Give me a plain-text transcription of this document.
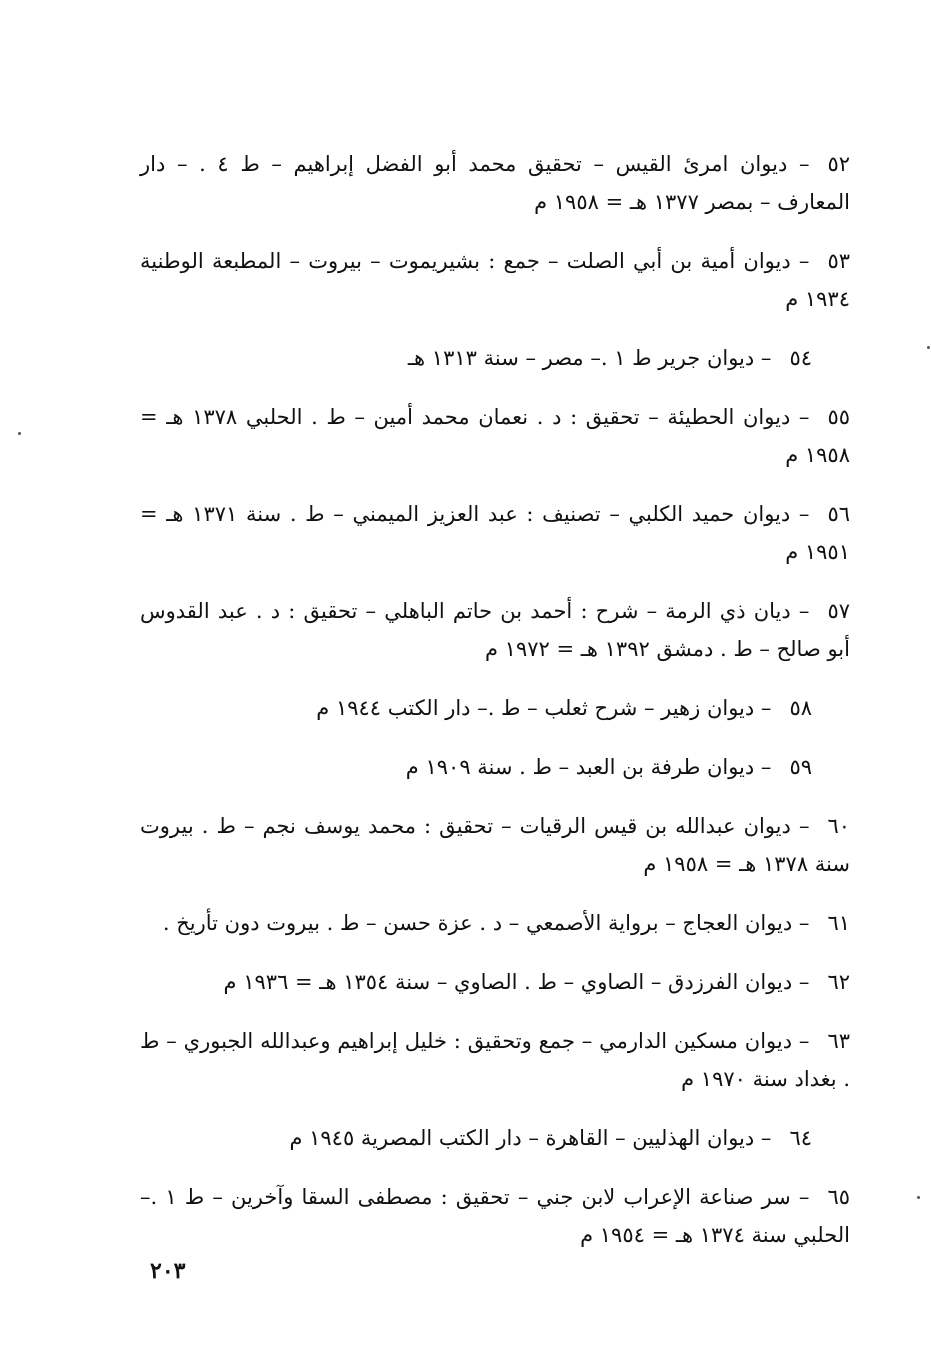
٥٢– ديوان امرئ القيس – تحقيق محمد أبو الفضل إبراهيم – ط ٤ . – دار المعارف – بمصر ١٣٧٧ هـ = ١٩٥٨ م

٥٣– ديوان أمية بن أبي الصلت – جمع : بشيريموت – بيروت – المطبعة الوطنية ١٩٣٤ م

٥٤– ديوان جرير ط ١ .– مصر – سنة ١٣١٣ هـ

٥٥– ديوان الحطيئة – تحقيق : د . نعمان محمد أمين – ط . الحلبي ١٣٧٨ هـ = ١٩٥٨ م

٥٦– ديوان حميد الكلبي – تصنيف : عبد العزيز الميمني – ط . سنة ١٣٧١ هـ = ١٩٥١ م

٥٧– ديان ذي الرمة – شرح : أحمد بن حاتم الباهلي – تحقيق : د . عبد القدوس أبو صالح – ط . دمشق ١٣٩٢ هـ = ١٩٧٢ م

٥٨– ديوان زهير – شرح ثعلب – ط .– دار الكتب ١٩٤٤ م

٥٩– ديوان طرفة بن العبد – ط . سنة ١٩٠٩ م

٦٠– ديوان عبدالله بن قيس الرقيات – تحقيق : محمد يوسف نجم – ط . بيروت سنة ١٣٧٨ هـ = ١٩٥٨ م

٦١– ديوان العجاج – برواية الأصمعي – د . عزة حسن – ط . بيروت دون تأريخ .

٦٢– ديوان الفرزدق – الصاوي – ط . الصاوي – سنة ١٣٥٤ هـ = ١٩٣٦ م

٦٣– ديوان مسكين الدارمي – جمع وتحقيق : خليل إبراهيم وعبدالله الجبوري – ط . بغداد سنة ١٩٧٠ م

٦٤– ديوان الهذليين – القاهرة – دار الكتب المصرية ١٩٤٥ م

٦٥– سر صناعة الإعراب لابن جني – تحقيق : مصطفى السقا وآخرين – ط ١ .– الحلبي سنة ١٣٧٤ هـ = ١٩٥٤ م

٢٠٣
